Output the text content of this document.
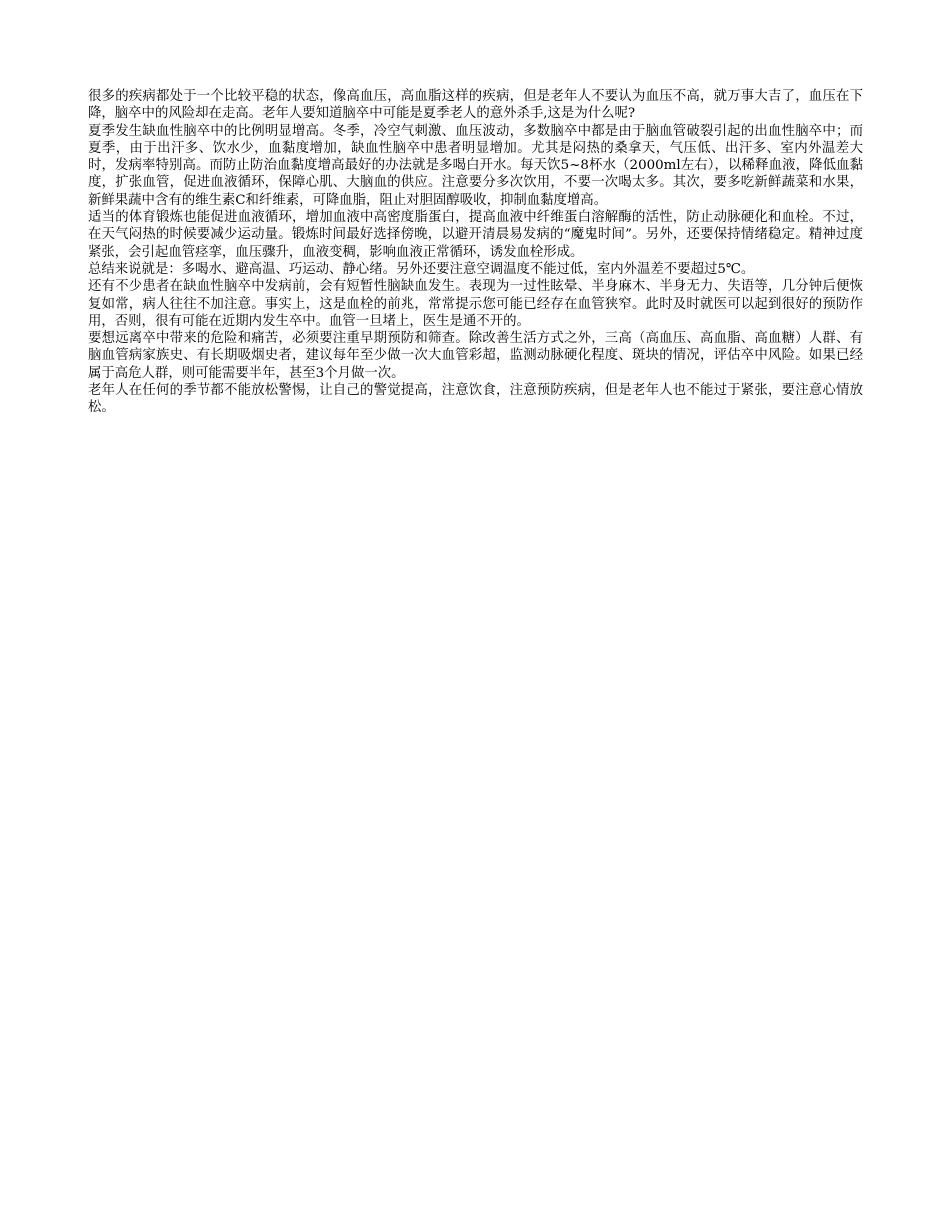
很多的疾病都处于一个比较平稳的状态，像高血压，高血脂这样的疾病，但是老年人不要认为血压不高，就万事大吉了，血压在下降，脑卒中的风险却在走高。老年人要知道脑卒中可能是夏季老人的意外杀手,这是为什么呢?

夏季发生缺血性脑卒中的比例明显增高。冬季，冷空气刺激、血压波动，多数脑卒中都是由于脑血管破裂引起的出血性脑卒中；而夏季，由于出汗多、饮水少，血黏度增加，缺血性脑卒中患者明显增加。尤其是闷热的桑拿天，气压低、出汗多、室内外温差大时，发病率特别高。而防止防治血黏度增高最好的办法就是多喝白开水。每天饮5~8杯水（2000ml左右），以稀释血液，降低血黏度，扩张血管，促进血液循环，保障心肌、大脑血的供应。注意要分多次饮用，不要一次喝太多。其次，要多吃新鲜蔬菜和水果，新鲜果蔬中含有的维生素C和纤维素，可降血脂，阻止对胆固醇吸收，抑制血黏度增高。

适当的体育锻炼也能促进血液循环，增加血液中高密度脂蛋白，提高血液中纤维蛋白溶解酶的活性，防止动脉硬化和血栓。不过，在天气闷热的时候要减少运动量。锻炼时间最好选择傍晚，以避开清晨易发病的“魔鬼时间”。另外，还要保持情绪稳定。精神过度紧张，会引起血管痉挛，血压骤升，血液变稠，影响血液正常循环，诱发血栓形成。

总结来说就是：多喝水、避高温、巧运动、静心绪。另外还要注意空调温度不能过低，室内外温差不要超过5℃。

还有不少患者在缺血性脑卒中发病前，会有短暂性脑缺血发生。表现为一过性眩晕、半身麻木、半身无力、失语等，几分钟后便恢复如常，病人往往不加注意。事实上，这是血栓的前兆，常常提示您可能已经存在血管狭窄。此时及时就医可以起到很好的预防作用，否则，很有可能在近期内发生卒中。血管一旦堵上，医生是通不开的。

要想远离卒中带来的危险和痛苦，必须要注重早期预防和筛查。除改善生活方式之外，三高（高血压、高血脂、高血糖）人群、有脑血管病家族史、有长期吸烟史者，建议每年至少做一次大血管彩超，监测动脉硬化程度、斑块的情况，评估卒中风险。如果已经属于高危人群，则可能需要半年，甚至3个月做一次。

老年人在任何的季节都不能放松警惕，让自己的警觉提高，注意饮食，注意预防疾病，但是老年人也不能过于紧张，要注意心情放松。
